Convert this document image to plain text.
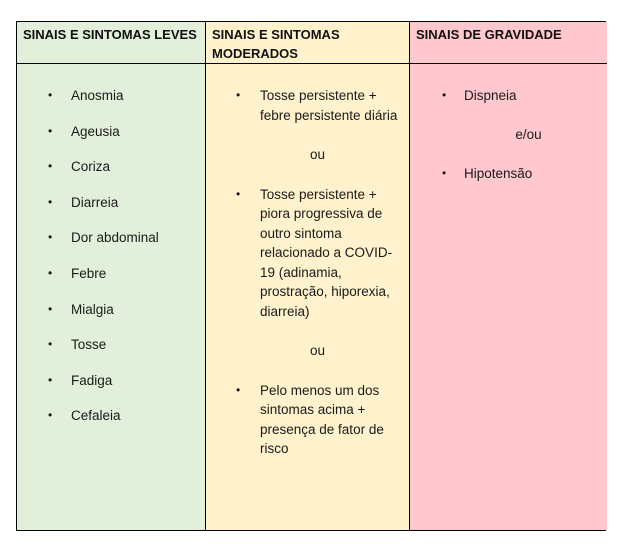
SINAIS E SINTOMAS LEVES	SINAIS E SINTOMAS MODERADOS
SINAIS DE GRAVIDADE
• Anosmia
• Ageusia
• Coriza
• Diarreia
• Dor abdominal
• Febre
• Mialgia
• Tosse
• Fadiga
• Cefaleia
• Tosse persistente + febre persistente diária
ou
• Tosse persistente + piora progressiva de outro sintoma relacionado a COVID-19 (adinamia, prostração, hiporexia, diarreia)
ou
• Pelo menos um dos sintomas acima + presença de fator de risco
• Dispneia
e/ou
• Hipotensão
